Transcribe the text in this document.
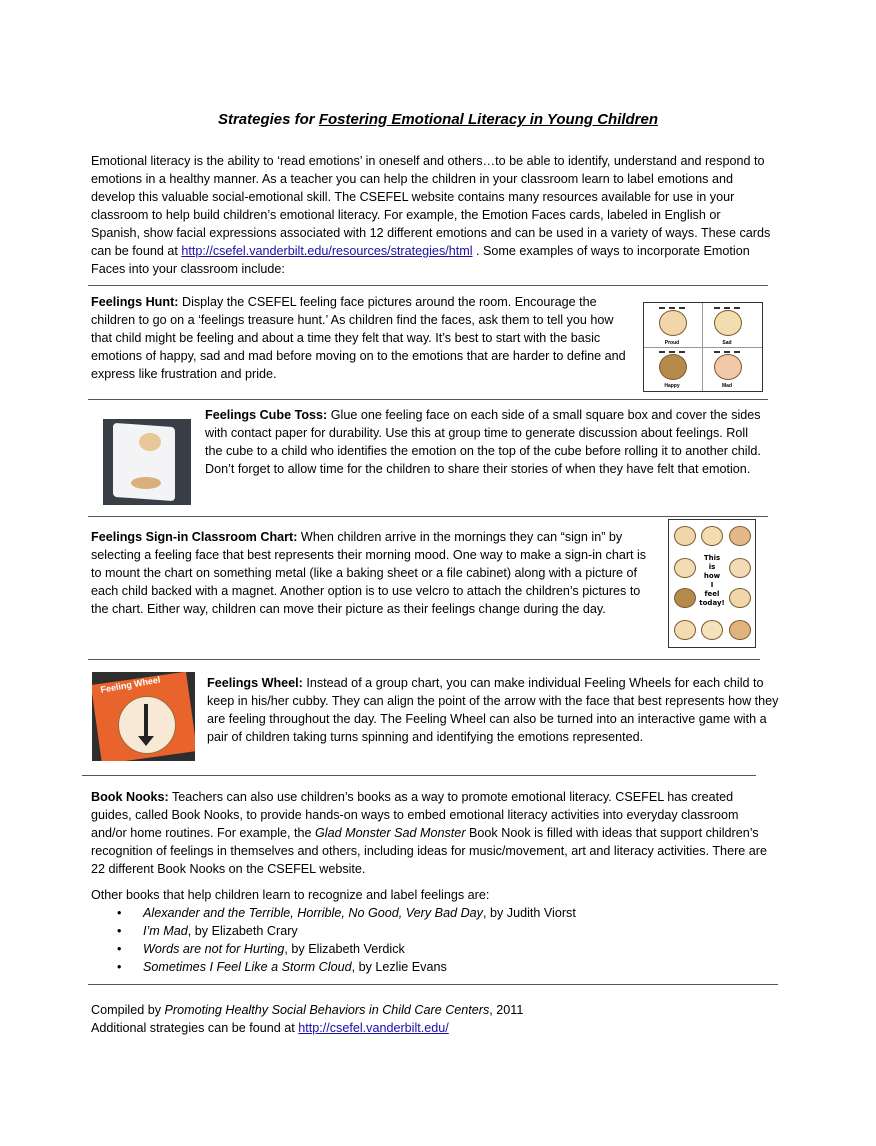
Strategies for Fostering Emotional Literacy in Young Children

Emotional literacy is the ability to ‘read emotions’ in oneself and others…to be able to identify, understand and respond to emotions in a healthy manner. As a teacher you can help the children in your classroom learn to label emotions and develop this valuable social-emotional skill. The CSEFEL website contains many resources available for use in your classroom to help build children’s emotional literacy. For example, the Emotion Faces cards, labeled in English or Spanish, show facial expressions associated with 12 different emotions and can be used in a variety of ways. These cards can be found at http://csefel.vanderbilt.edu/resources/strategies/html . Some examples of ways to incorporate Emotion Faces into your classroom include:

Feelings Hunt: Display the CSEFEL feeling face pictures around the room. Encourage the children to go on a ‘feelings treasure hunt.’ As children find the faces, ask them to tell you how that child might be feeling and about a time they felt that way. It’s best to start with the basic emotions of happy, sad and mad before moving on to the emotions that are harder to define and express like frustration and pride.

Proud	Sad
Happy	Mad

Feelings Cube Toss: Glue one feeling face on each side of a small square box and cover the sides with contact paper for durability. Use this at group time to generate discussion about feelings. Roll the cube to a child who identifies the emotion on the top of the cube before rolling it to another child. Don’t forget to allow time for the children to share their stories of when they have felt that emotion.

Feelings Sign-in Classroom Chart: When children arrive in the mornings they can “sign in” by selecting a feeling face that best represents their morning mood. One way to make a sign-in chart is to mount the chart on something metal (like a baking sheet or a file cabinet) along with a picture of each child backed with a magnet. Another option is to use velcro to attach the children’s pictures to the chart. Either way, children can move their picture as their feelings change during the day.

This
is
how
I
feel
today!
Feeling Wheel	Feelings Wheel: Instead of a group chart, you can make individual Feeling Wheels for each child to keep in his/her cubby. They can align the point of the arrow with the face that best represents how they are feeling throughout the day. The Feeling Wheel can also be turned into an interactive game with a pair of children taking turns spinning and identifying the emotions represented.

Book Nooks: Teachers can also use children’s books as a way to promote emotional literacy. CSEFEL has created guides, called Book Nooks, to provide hands-on ways to embed emotional literacy activities into everyday classroom and/or home routines. For example, the Glad Monster Sad Monster Book Nook is filled with ideas that support children’s recognition of feelings in themselves and others, including ideas for music/movement, art and literacy activities. There are 22 different Book Nooks on the CSEFEL website.

Other books that help children learn to recognize and label feelings are:

• Alexander and the Terrible, Horrible, No Good, Very Bad Day, by Judith Viorst
• I’m Mad, by Elizabeth Crary
• Words are not for Hurting, by Elizabeth Verdick
• Sometimes I Feel Like a Storm Cloud, by Lezlie Evans

Compiled by Promoting Healthy Social Behaviors in Child Care Centers, 2011

Additional strategies can be found at http://csefel.vanderbilt.edu/
